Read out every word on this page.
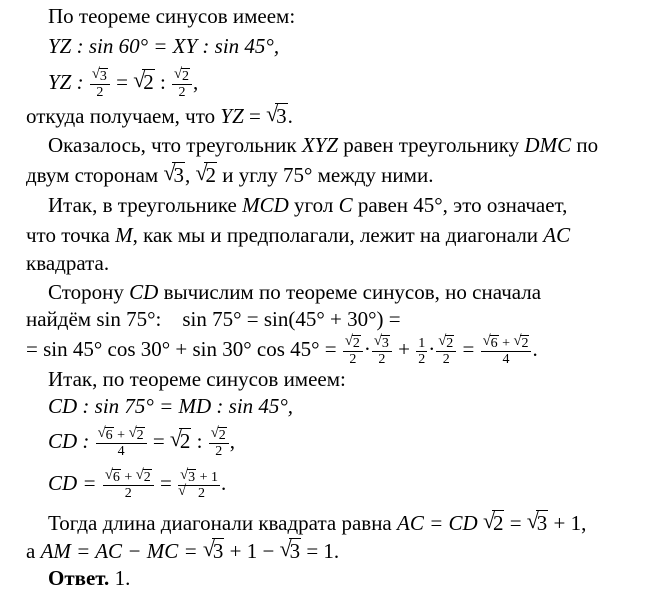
По теореме синусов имеем:
YZ : sin 60° = XY : sin 45°,
YZ : √ $\frac{3}{2}$ = √ 2 : √ $\frac{2}{2}$ ,
откуда получаем, что YZ = √ 3.
Оказалось, что треугольник XYZ равен треугольнику DMC по
двум сторонам √ 3, √ 2 и углу 75° между ними.
Итак, в треугольнике MCD угол C равен 45°, это означает,
что точка M, как мы и предполагали, лежит на диагонали AC
квадрата.
Сторону CD вычислим по теореме синусов, но сначала
найдём sin 75°:    sin 75° = sin(45° + 30°) =
= sin 45° cos 30° + sin 30° cos 45° = √ $\frac{2}{2}$ · √ $\frac{3}{2} + \frac{1}{2}$ · √ $\frac{2}{2}$ = √ $\frac{6 + √ 2}{4}$ .
Итак, по теореме синусов имеем:
CD : sin 75° = MD : sin 45°,
CD : √ $\frac{6 + √ 2}{4}$ = √ 2 : √ $\frac{2}{2}$ ,
CD = √ $\frac{6 + √ 2}{2}$ = √ 3 + 1
√ 2 .
Тогда длина диагонали квадрата равна AC = CD √ 2 = √ 3 + 1,
а AM = AC − MC = √ 3 + 1 − √ 3 = 1.
Ответ. 1.
